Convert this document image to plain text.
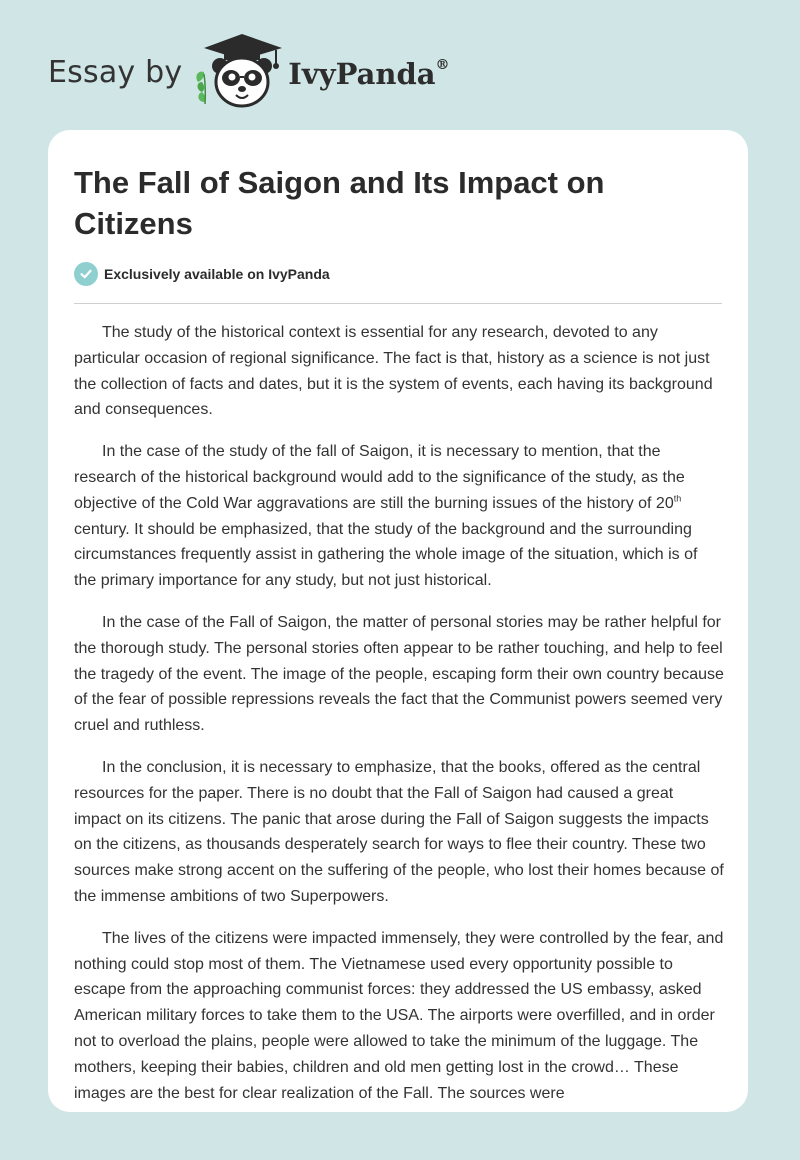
Essay by	IvyPanda®
The Fall of Saigon and Its Impact on Citizens
Exclusively available on IvyPanda

The study of the historical context is essential for any research, devoted to any particular occasion of regional significance. The fact is that, history as a science is not just the collection of facts and dates, but it is the system of events, each having its background and consequences.

In the case of the study of the fall of Saigon, it is necessary to mention, that the research of the historical background would add to the significance of the study, as the objective of the Cold War aggravations are still the burning issues of the history of 20th century. It should be emphasized, that the study of the background and the surrounding circumstances frequently assist in gathering the whole image of the situation, which is of the primary importance for any study, but not just historical.

In the case of the Fall of Saigon, the matter of personal stories may be rather helpful for the thorough study. The personal stories often appear to be rather touching, and help to feel the tragedy of the event. The image of the people, escaping form their own country because of the fear of possible repressions reveals the fact that the Communist powers seemed very cruel and ruthless.

In the conclusion, it is necessary to emphasize, that the books, offered as the central resources for the paper. There is no doubt that the Fall of Saigon had caused a great impact on its citizens. The panic that arose during the Fall of Saigon suggests the impacts on the citizens, as thousands desperately search for ways to flee their country. These two sources make strong accent on the suffering of the people, who lost their homes because of the immense ambitions of two Superpowers.

The lives of the citizens were impacted immensely, they were controlled by the fear, and nothing could stop most of them. The Vietnamese used every opportunity possible to escape from the approaching communist forces: they addressed the US embassy, asked American military forces to take them to the USA. The airports were overfilled, and in order not to overload the plains, people were allowed to take the minimum of the luggage. The mothers, keeping their babies, children and old men getting lost in the crowd… These images are the best for clear realization of the Fall. The sources were
